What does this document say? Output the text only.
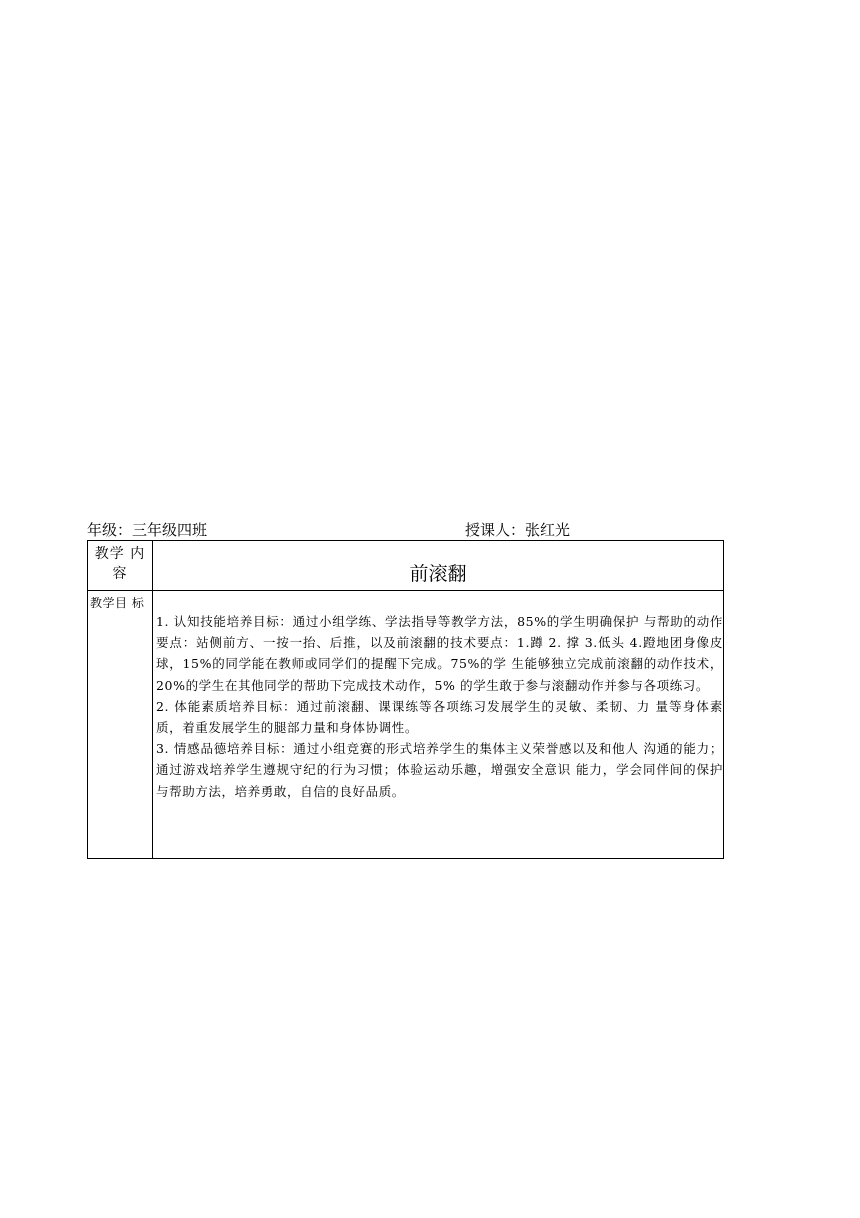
年级：三年级四班	授课人：张红光
教学 内 容	前滚翻

教学目 标	1. 认知技能培养目标：通过小组学练、学法指导等教学方法，85%的学生明确保护 与帮助的动作要点：站侧前方、一按一抬、后推，以及前滚翻的技术要点：1.蹲 2. 撑 3.低头 4.蹬地团身像皮球，15%的同学能在教师或同学们的提醒下完成。75%的学 生能够独立完成前滚翻的动作技术，20%的学生在其他同学的帮助下完成技术动作，5% 的学生敢于参与滚翻动作并参与各项练习。

2. 体能素质培养目标：通过前滚翻、课课练等各项练习发展学生的灵敏、柔韧、力 量等身体素质，着重发展学生的腿部力量和身体协调性。

3. 情感品德培养目标：通过小组竞赛的形式培养学生的集体主义荣誉感以及和他人 沟通的能力；通过游戏培养学生遵规守纪的行为习惯；体验运动乐趣，增强安全意识 能力，学会同伴间的保护与帮助方法，培养勇敢，自信的良好品质。
